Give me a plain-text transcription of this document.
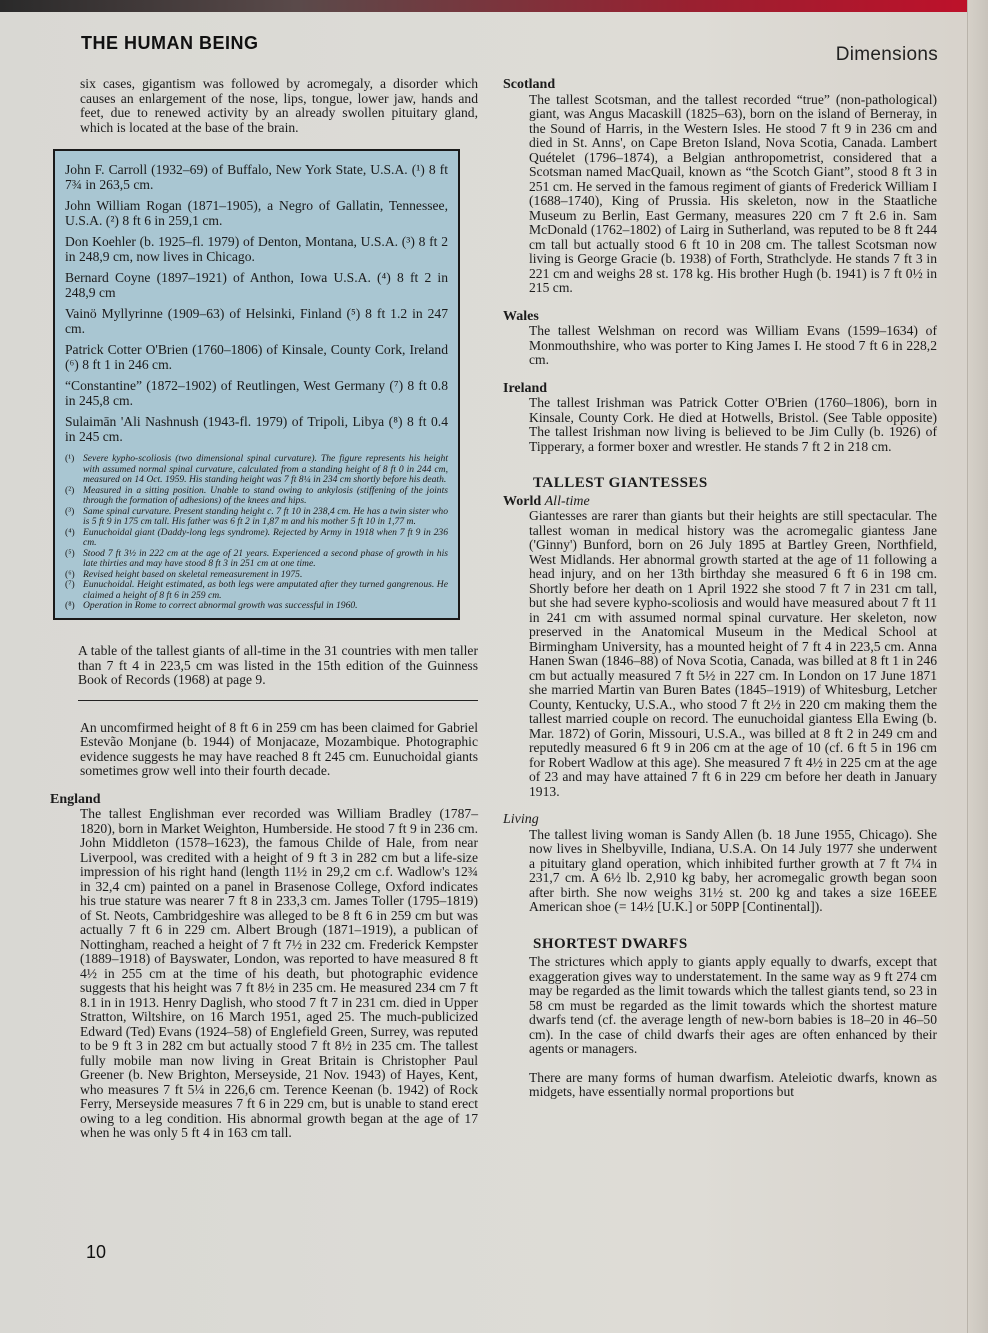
THE HUMAN BEING
Dimensions

six cases, gigantism was followed by acromegaly, a disorder which causes an enlargement of the nose, lips, tongue, lower jaw, hands and feet, due to renewed activity by an already swollen pituitary gland, which is located at the base of the brain.

John F. Carroll (1932–69) of Buffalo, New York State, U.S.A. (¹) 8 ft 7¾ in 263,5 cm.

John William Rogan (1871–1905), a Negro of Gallatin, Tennessee, U.S.A. (²) 8 ft 6 in 259,1 cm.

Don Koehler (b. 1925–fl. 1979) of Denton, Montana, U.S.A. (³) 8 ft 2 in 248,9 cm, now lives in Chicago.

Bernard Coyne (1897–1921) of Anthon, Iowa U.S.A. (⁴) 8 ft 2 in 248,9 cm

Vainö Myllyrinne (1909–63) of Helsinki, Finland (⁵) 8 ft 1.2 in 247 cm.

Patrick Cotter O'Brien (1760–1806) of Kinsale, County Cork, Ireland (⁶) 8 ft 1 in 246 cm.

“Constantine” (1872–1902) of Reutlingen, West Germany (⁷) 8 ft 0.8 in 245,8 cm.

Sulaimān 'Ali Nashnush (1943-fl. 1979) of Tripoli, Libya (⁸) 8 ft 0.4 in 245 cm.

(¹) Severe kypho-scoliosis (two dimensional spinal curvature). The figure represents his height with assumed normal spinal curvature, calculated from a standing height of 8 ft 0 in 244 cm, measured on 14 Oct. 1959. His standing height was 7 ft 8¼ in 234 cm shortly before his death.
(²) Measured in a sitting position. Unable to stand owing to ankylosis (stiffening of the joints through the formation of adhesions) of the knees and hips.
(³) Same spinal curvature. Present standing height c. 7 ft 10 in 238,4 cm. He has a twin sister who is 5 ft 9 in 175 cm tall. His father was 6 ft 2 in 1,87 m and his mother 5 ft 10 in 1,77 m.
(⁴) Eunuchoidal giant (Daddy-long legs syndrome). Rejected by Army in 1918 when 7 ft 9 in 236 cm.
(⁵) Stood 7 ft 3½ in 222 cm at the age of 21 years. Experienced a second phase of growth in his late thirties and may have stood 8 ft 3 in 251 cm at one time.
(⁶) Revised height based on skeletal remeasurement in 1975.
(⁷) Eunuchoidal. Height estimated, as both legs were amputated after they turned gangrenous. He claimed a height of 8 ft 6 in 259 cm.
(⁸) Operation in Rome to correct abnormal growth was successful in 1960.

A table of the tallest giants of all-time in the 31 countries with men taller than 7 ft 4 in 223,5 cm was listed in the 15th edition of the Guinness Book of Records (1968) at page 9.

An uncomfirmed height of 8 ft 6 in 259 cm has been claimed for Gabriel Estevão Monjane (b. 1944) of Monjacaze, Mozambique. Photographic evidence suggests he may have reached 8 ft 245 cm. Eunuchoidal giants sometimes grow well into their fourth decade.

England

The tallest Englishman ever recorded was William Bradley (1787–1820), born in Market Weighton, Humberside. He stood 7 ft 9 in 236 cm. John Middleton (1578–1623), the famous Childe of Hale, from near Liverpool, was credited with a height of 9 ft 3 in 282 cm but a life-size impression of his right hand (length 11½ in 29,2 cm c.f. Wadlow's 12¾ in 32,4 cm) painted on a panel in Brasenose College, Oxford indicates his true stature was nearer 7 ft 8 in 233,3 cm. James Toller (1795–1819) of St. Neots, Cambridgeshire was alleged to be 8 ft 6 in 259 cm but was actually 7 ft 6 in 229 cm. Albert Brough (1871–1919), a publican of Nottingham, reached a height of 7 ft 7½ in 232 cm. Frederick Kempster (1889–1918) of Bayswater, London, was reported to have measured 8 ft 4½ in 255 cm at the time of his death, but photographic evidence suggests that his height was 7 ft 8½ in 235 cm. He measured 234 cm 7 ft 8.1 in in 1913. Henry Daglish, who stood 7 ft 7 in 231 cm. died in Upper Stratton, Wiltshire, on 16 March 1951, aged 25. The much-publicized Edward (Ted) Evans (1924–58) of Englefield Green, Surrey, was reputed to be 9 ft 3 in 282 cm but actually stood 7 ft 8½ in 235 cm. The tallest fully mobile man now living in Great Britain is Christopher Paul Greener (b. New Brighton, Merseyside, 21 Nov. 1943) of Hayes, Kent, who measures 7 ft 5¼ in 226,6 cm. Terence Keenan (b. 1942) of Rock Ferry, Merseyside measures 7 ft 6 in 229 cm, but is unable to stand erect owing to a leg condition. His abnormal growth began at the age of 17 when he was only 5 ft 4 in 163 cm tall.

Scotland

The tallest Scotsman, and the tallest recorded “true” (non-pathological) giant, was Angus Macaskill (1825–63), born on the island of Berneray, in the Sound of Harris, in the Western Isles. He stood 7 ft 9 in 236 cm and died in St. Anns', on Cape Breton Island, Nova Scotia, Canada. Lambert Quételet (1796–1874), a Belgian anthropometrist, considered that a Scotsman named MacQuail, known as “the Scotch Giant”, stood 8 ft 3 in 251 cm. He served in the famous regiment of giants of Frederick William I (1688–1740), King of Prussia. His skeleton, now in the Staatliche Museum zu Berlin, East Germany, measures 220 cm 7 ft 2.6 in. Sam McDonald (1762–1802) of Lairg in Sutherland, was reputed to be 8 ft 244 cm tall but actually stood 6 ft 10 in 208 cm. The tallest Scotsman now living is George Gracie (b. 1938) of Forth, Strathclyde. He stands 7 ft 3 in 221 cm and weighs 28 st. 178 kg. His brother Hugh (b. 1941) is 7 ft 0½ in 215 cm.

Wales

The tallest Welshman on record was William Evans (1599–1634) of Monmouthshire, who was porter to King James I. He stood 7 ft 6 in 228,2 cm.

Ireland

The tallest Irishman was Patrick Cotter O'Brien (1760–1806), born in Kinsale, County Cork. He died at Hotwells, Bristol. (See Table opposite) The tallest Irishman now living is believed to be Jim Cully (b. 1926) of Tipperary, a former boxer and wrestler. He stands 7 ft 2 in 218 cm.

TALLEST GIANTESSES
World All-time

Giantesses are rarer than giants but their heights are still spectacular. The tallest woman in medical history was the acromegalic giantess Jane ('Ginny') Bunford, born on 26 July 1895 at Bartley Green, Northfield, West Midlands. Her abnormal growth started at the age of 11 following a head injury, and on her 13th birthday she measured 6 ft 6 in 198 cm. Shortly before her death on 1 April 1922 she stood 7 ft 7 in 231 cm tall, but she had severe kypho-scoliosis and would have measured about 7 ft 11 in 241 cm with assumed normal spinal curvature. Her skeleton, now preserved in the Anatomical Museum in the Medical School at Birmingham University, has a mounted height of 7 ft 4 in 223,5 cm. Anna Hanen Swan (1846–88) of Nova Scotia, Canada, was billed at 8 ft 1 in 246 cm but actually measured 7 ft 5½ in 227 cm. In London on 17 June 1871 she married Martin van Buren Bates (1845–1919) of Whitesburg, Letcher County, Kentucky, U.S.A., who stood 7 ft 2½ in 220 cm making them the tallest married couple on record. The eunuchoidal giantess Ella Ewing (b. Mar. 1872) of Gorin, Missouri, U.S.A., was billed at 8 ft 2 in 249 cm and reputedly measured 6 ft 9 in 206 cm at the age of 10 (cf. 6 ft 5 in 196 cm for Robert Wadlow at this age). She measured 7 ft 4½ in 225 cm at the age of 23 and may have attained 7 ft 6 in 229 cm before her death in January 1913.

Living

The tallest living woman is Sandy Allen (b. 18 June 1955, Chicago). She now lives in Shelbyville, Indiana, U.S.A. On 14 July 1977 she underwent a pituitary gland operation, which inhibited further growth at 7 ft 7¼ in 231,7 cm. A 6½ lb. 2,910 kg baby, her acromegalic growth began soon after birth. She now weighs 31½ st. 200 kg and takes a size 16EEE American shoe (= 14½ [U.K.] or 50PP [Continental]).

SHORTEST DWARFS

The strictures which apply to giants apply equally to dwarfs, except that exaggeration gives way to understatement. In the same way as 9 ft 274 cm may be regarded as the limit towards which the tallest giants tend, so 23 in 58 cm must be regarded as the limit towards which the shortest mature dwarfs tend (cf. the average length of new-born babies is 18–20 in 46–50 cm). In the case of child dwarfs their ages are often enhanced by their agents or managers.

There are many forms of human dwarfism. Ateleiotic dwarfs, known as midgets, have essentially normal proportions but

10
